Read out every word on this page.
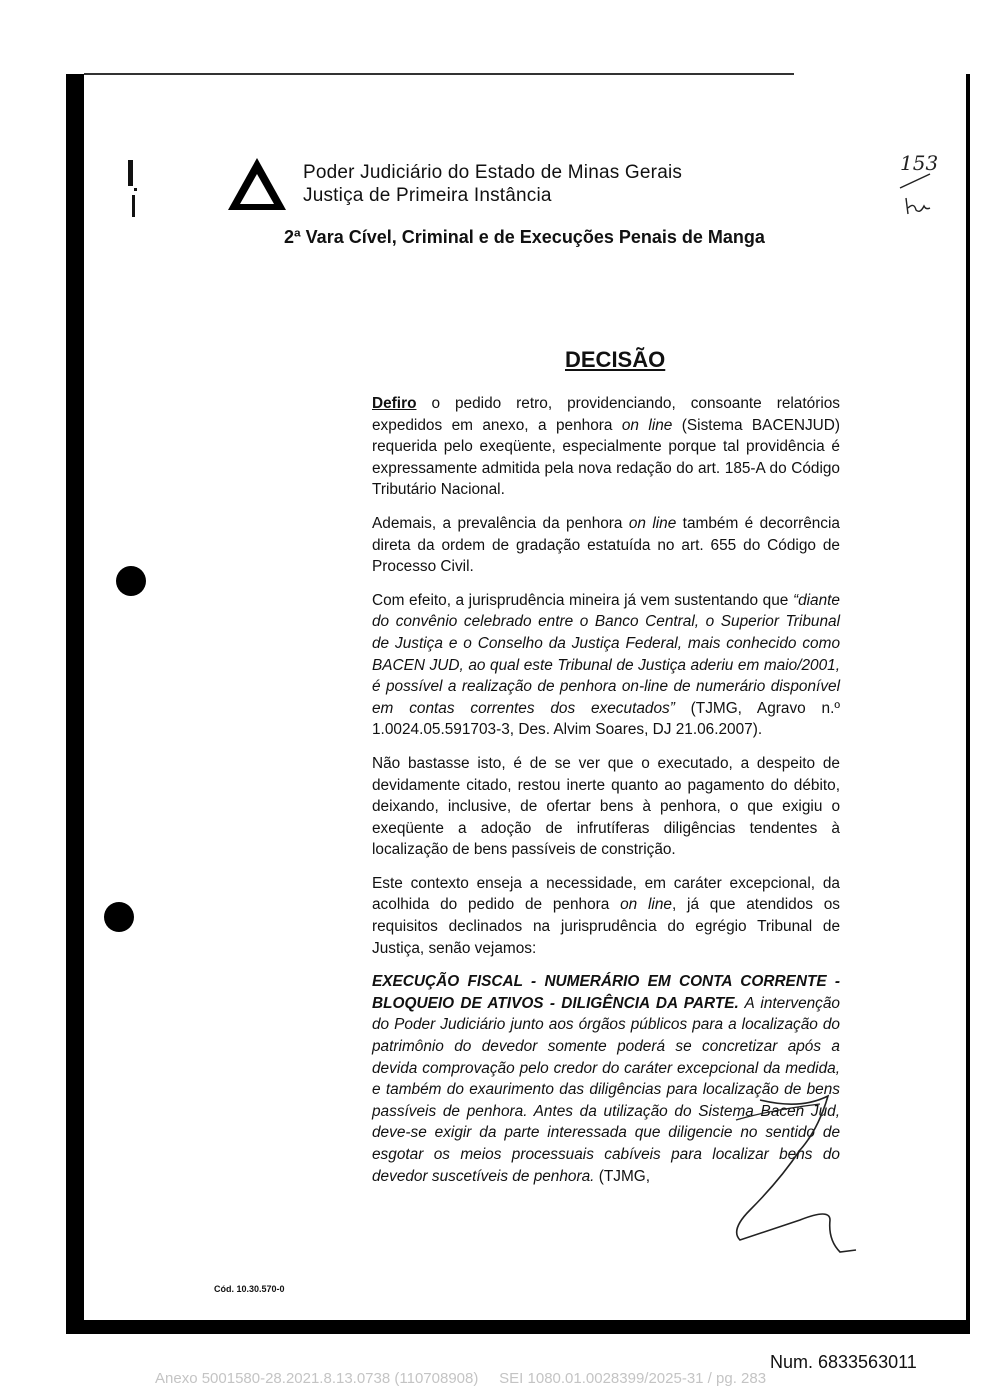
Poder Judiciário do Estado de Minas Gerais
Justiça de Primeira Instância
2ª Vara Cível, Criminal e de Execuções Penais de Manga
153
DECISÃO

Defiro o pedido retro, providenciando, consoante relatórios expedidos em anexo, a penhora on line (Sistema BACENJUD) requerida pelo exeqüente, especialmente porque tal providência é expressamente admitida pela nova redação do art. 185-A do Código Tributário Nacional.

Ademais, a prevalência da penhora on line também é decorrência direta da ordem de gradação estatuída no art. 655 do Código de Processo Civil.

Com efeito, a jurisprudência mineira já vem sustentando que “diante do convênio celebrado entre o Banco Central, o Superior Tribunal de Justiça e o Conselho da Justiça Federal, mais conhecido como BACEN JUD, ao qual este Tribunal de Justiça aderiu em maio/2001, é possível a realização de penhora on-line de numerário disponível em contas correntes dos executados” (TJMG, Agravo n.º 1.0024.05.591703-3, Des. Alvim Soares, DJ 21.06.2007).

Não bastasse isto, é de se ver que o executado, a despeito de devidamente citado, restou inerte quanto ao pagamento do débito, deixando, inclusive, de ofertar bens à penhora, o que exigiu o exeqüente a adoção de infrutíferas diligências tendentes à localização de bens passíveis de constrição.

Este contexto enseja a necessidade, em caráter excepcional, da acolhida do pedido de penhora on line, já que atendidos os requisitos declinados na jurisprudência do egrégio Tribunal de Justiça, senão vejamos:

EXECUÇÃO FISCAL - NUMERÁRIO EM CONTA CORRENTE - BLOQUEIO DE ATIVOS - DILIGÊNCIA DA PARTE. A intervenção do Poder Judiciário junto aos órgãos públicos para a localização do patrimônio do devedor somente poderá se concretizar após a devida comprovação pelo credor do caráter excepcional da medida, e também do exaurimento das diligências para localização de bens passíveis de penhora. Antes da utilização do Sistema Bacen Jud, deve-se exigir da parte interessada que diligencie no sentido de esgotar os meios processuais cabíveis para localizar bens do devedor suscetíveis de penhora. (TJMG,

Cód. 10.30.570-0
Num. 6833563011
Anexo 5001580-28.2021.8.13.0738 (110708908)     SEI 1080.01.0028399/2025-31 / pg. 283
